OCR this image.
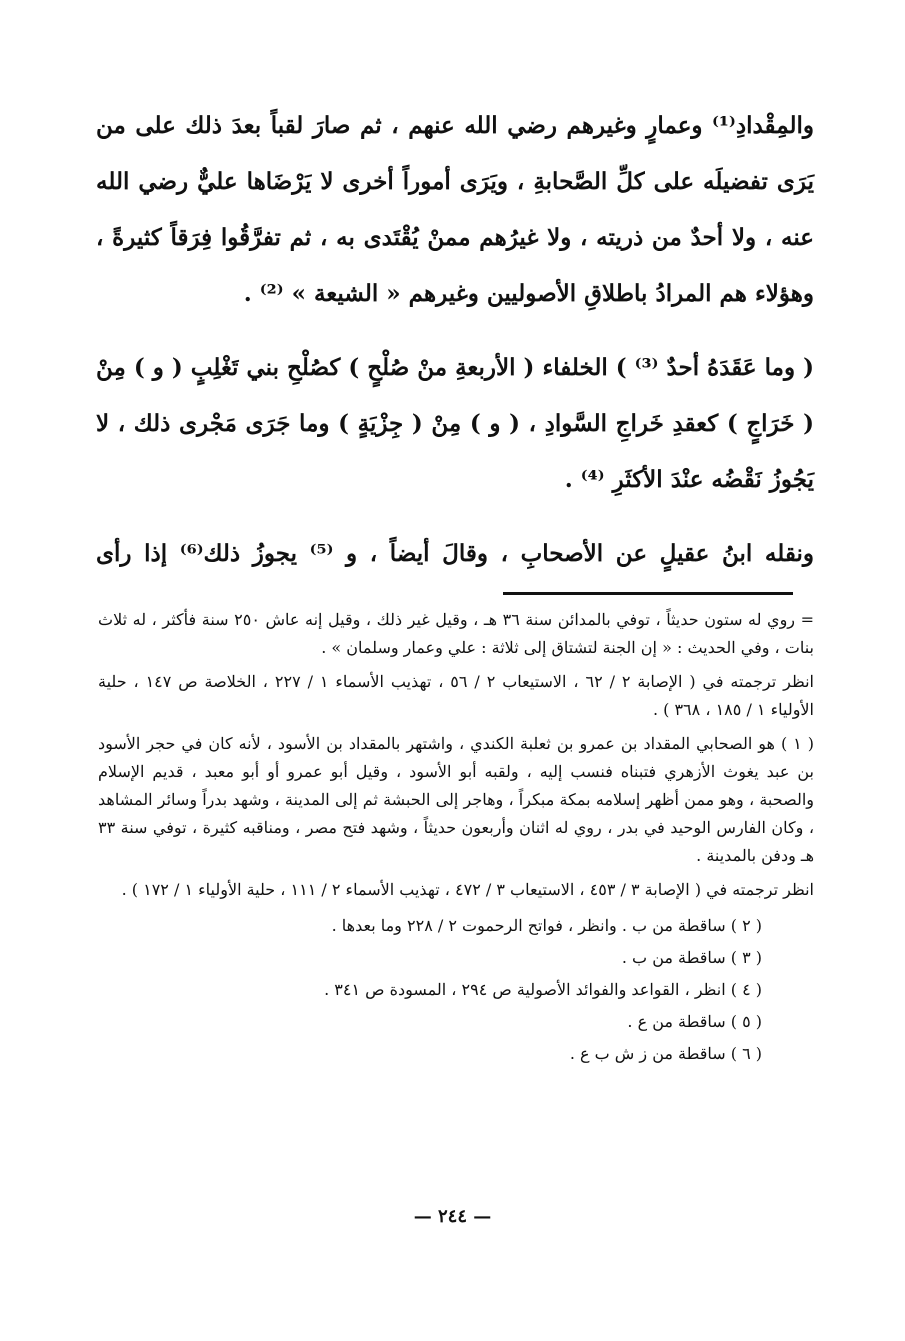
والمِقْدادِ⁽¹⁾ وعمارٍ وغيرهم رضي الله عنهم ، ثم صارَ لقباً بعدَ ذلك على من يَرَى تفضيلَه على كلِّ الصَّحابةِ ، ويَرَى أموراً أخرى لا يَرْضَاها عليٌّ رضي الله عنه ، ولا أحدٌ من ذريته ، ولا غيرُهم ممنْ يُقْتَدى به ، ثم تفرَّقُوا فِرَقاً كثيرةً ، وهؤلاء هم المرادُ باطلاقِ الأصوليين وغيرهم « الشيعة » ⁽²⁾ .

( وما عَقَدَهُ أحدٌ ⁽³⁾ ) الخلفاء ( الأربعةِ منْ صُلْحٍ ) كصُلْحِ بني تَغْلِبٍ ( و ) مِنْ ( خَرَاجٍ ) كعقدِ خَراجِ السَّوادِ ، ( و ) مِنْ ( جِزْيَةٍ ) وما جَرَى مَجْرى ذلك ، لا يَجُوزُ نَقْضُه عنْدَ الأكثَرِ ⁽⁴⁾ .

ونقله ابنُ عقيلٍ عن الأصحابِ ، وقالَ أيضاً ، و ⁽⁵⁾ يجوزُ ذلك⁽⁶⁾ إذا رأى

= روي له ستون حديثاً ، توفي بالمدائن سنة ٣٦ هـ ، وقيل غير ذلك ، وقيل إنه عاش ٢٥٠ سنة فأكثر ، له ثلاث بنات ، وفي الحديث : « إن الجنة لتشتاق إلى ثلاثة : علي وعمار وسلمان » .

انظر ترجمته في ( الإصابة ٢ / ٦٢ ، الاستيعاب ٢ / ٥٦ ، تهذيب الأسماء ١ / ٢٢٧ ، الخلاصة ص ١٤٧ ، حلية الأولياء ١ / ١٨٥ ، ٣٦٨ ) .

( ١ ) هو الصحابي المقداد بن عمرو بن ثعلبة الكندي ، واشتهر بالمقداد بن الأسود ، لأنه كان في حجر الأسود بن عبد يغوث الأزهري فتبناه فنسب إليه ، ولقبه أبو الأسود ، وقيل أبو عمرو أو أبو معبد ، قديم الإسلام والصحبة ، وهو ممن أظهر إسلامه بمكة مبكراً ، وهاجر إلى الحبشة ثم إلى المدينة ، وشهد بدراً وسائر المشاهد ، وكان الفارس الوحيد في بدر ، روي له اثنان وأربعون حديثاً ، وشهد فتح مصر ، ومناقبه كثيرة ، توفي سنة ٣٣ هـ ودفن بالمدينة .

انظر ترجمته في ( الإصابة ٣ / ٤٥٣ ، الاستيعاب ٣ / ٤٧٢ ، تهذيب الأسماء ٢ / ١١١ ، حلية الأولياء ١ / ١٧٢ ) .

( ٢ ) ساقطة من ب . وانظر ، فواتح الرحموت ٢ / ٢٢٨ وما بعدها .
( ٣ ) ساقطة من ب .
( ٤ ) انظر ، القواعد والفوائد الأصولية ص ٢٩٤ ، المسودة ص ٣٤١ .
( ٥ ) ساقطة من ع .
( ٦ ) ساقطة من ز ش ب ع .
— ٢٤٤ —
